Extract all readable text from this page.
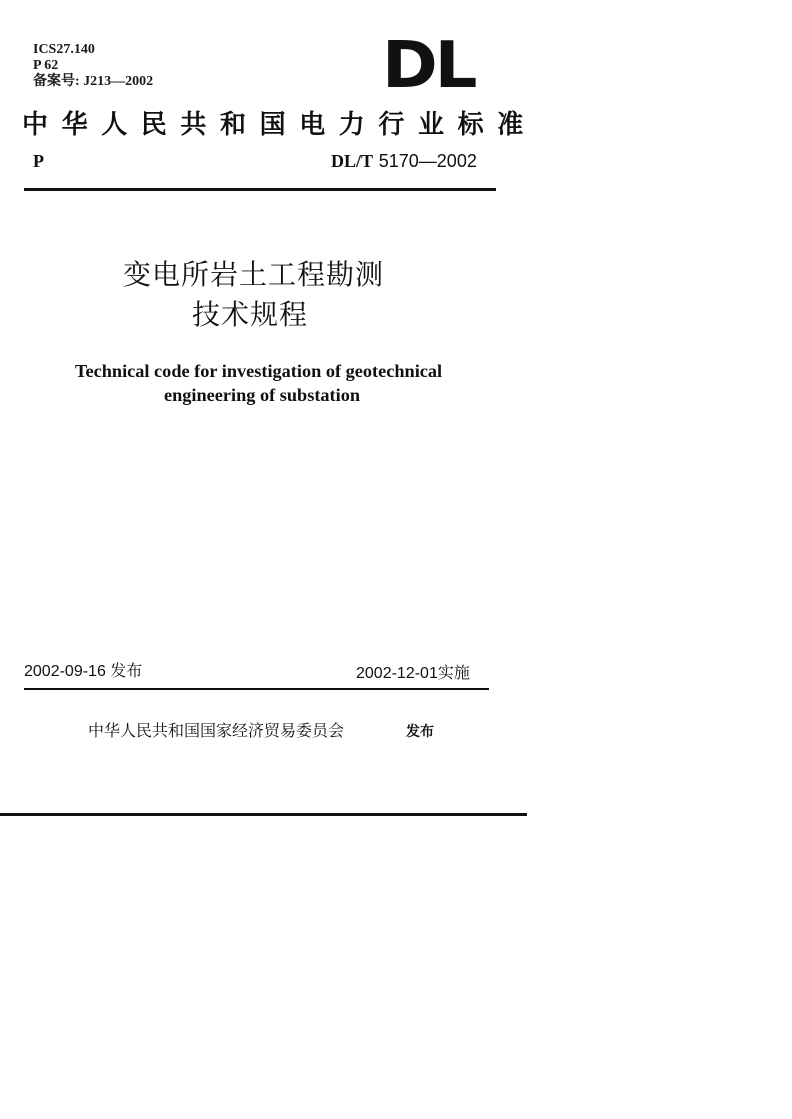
ICS27.140
P 62
备案号: J213—2002	DL
中华人民共和国电力行业标准
P	DL/T 5170—2002
变电所岩土工程勘测
技术规程
Technical code for investigation of geotechnical
engineering of substation
2002-09-16 发布	2002-12-01实施
中华人民共和国国家经济贸易委员会	发布
